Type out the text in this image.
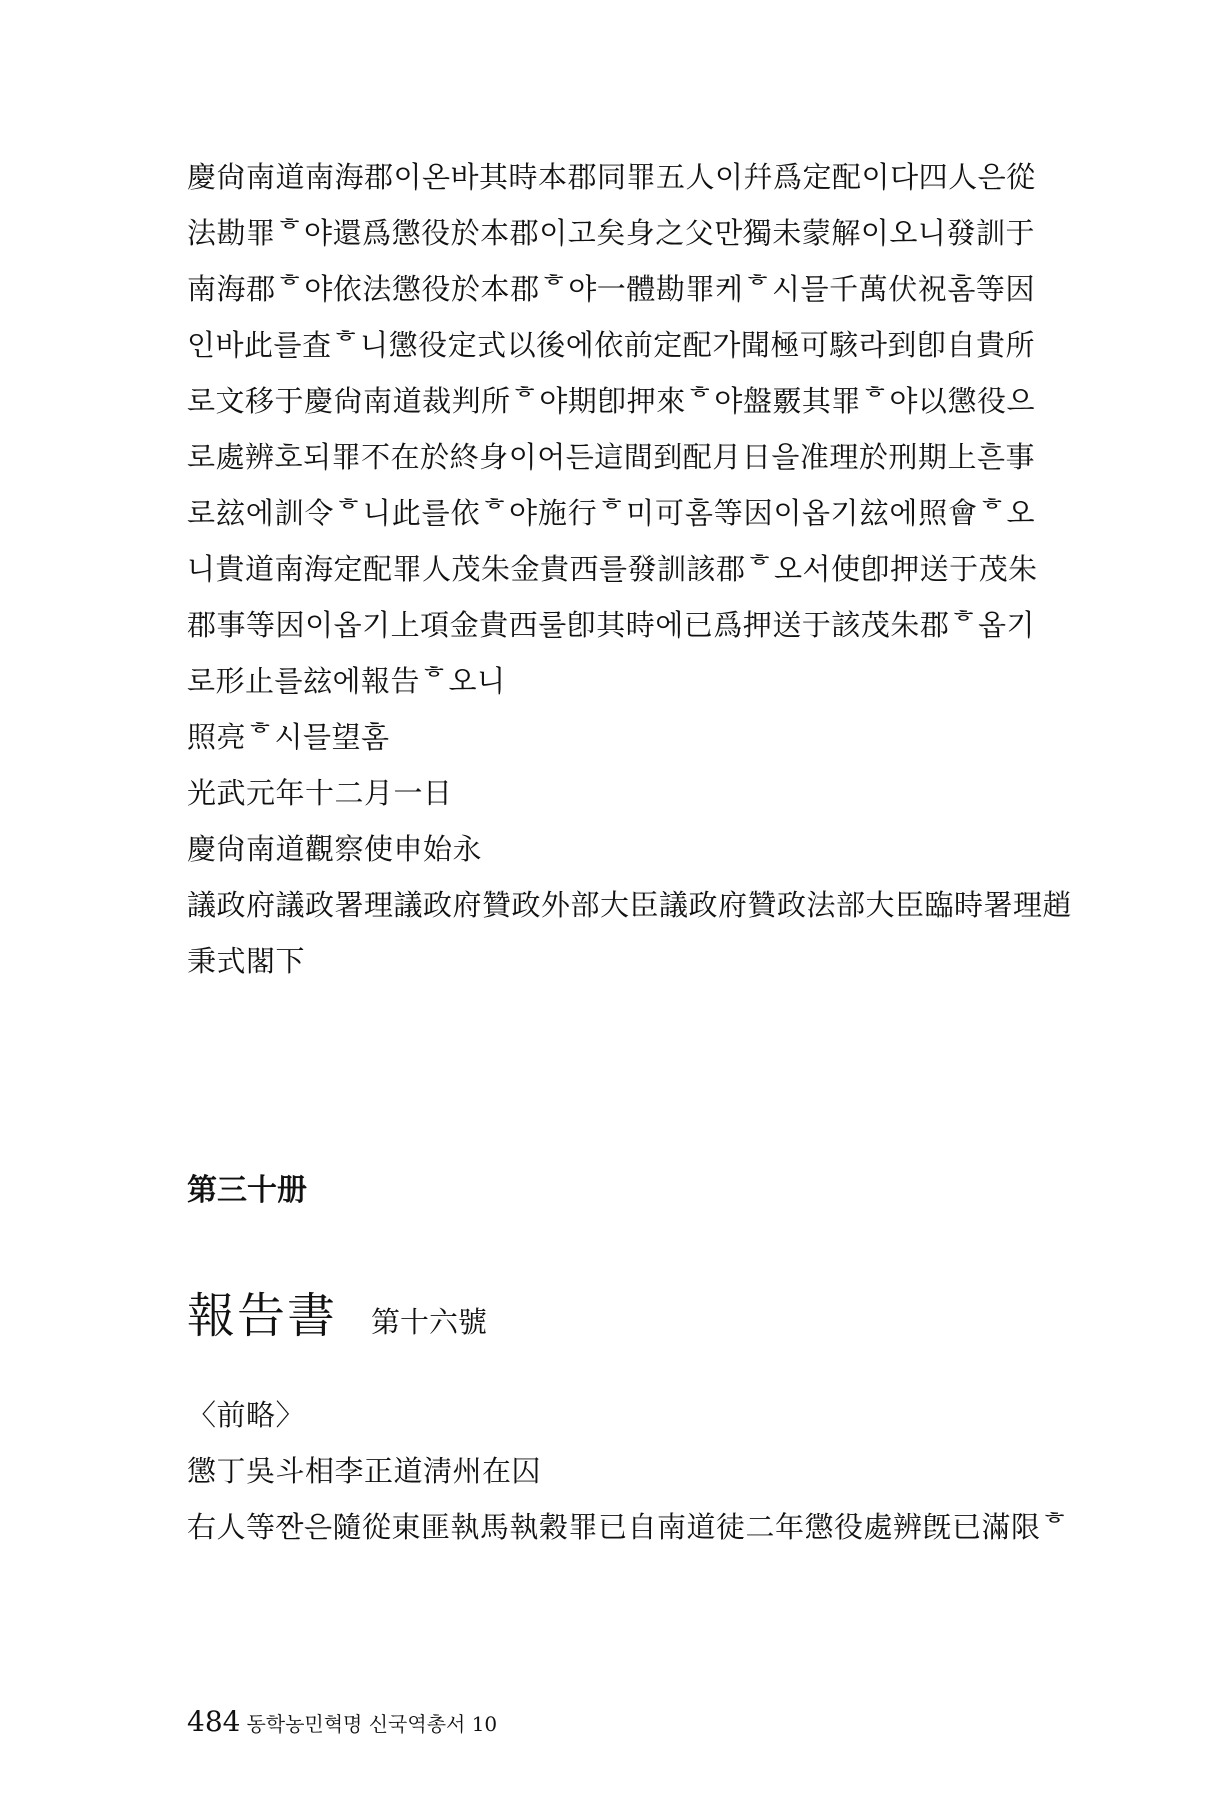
慶尙南道南海郡이온바其時本郡同罪五人이幷爲定配이다四人은從
法勘罪ᄒ야還爲懲役於本郡이고矣身之父만獨未蒙解이오니發訓于
南海郡ᄒ야依法懲役於本郡ᄒ야一體勘罪케ᄒ시믈千萬伏祝홈等因
인바此를査ᄒ니懲役定式以後에依前定配가聞極可駭라到卽自貴所
로文移于慶尙南道裁判所ᄒ야期卽押來ᄒ야盤覈其罪ᄒ야以懲役으
로處辨호되罪不在於終身이어든這間到配月日을准理於刑期上흔事
로玆에訓令ᄒ니此를依ᄒ야施行ᄒ미可홈等因이옵기玆에照會ᄒ오
니貴道南海定配罪人茂朱金貴西를發訓該郡ᄒ오서使卽押送于茂朱
郡事等因이옵기上項金貴西룰卽其時에已爲押送于該茂朱郡ᄒ옵기
로形止를玆에報告ᄒ오니
照亮ᄒ시믈望홈
光武元年十二月一日
慶尙南道觀察使申始永
議政府議政署理議政府贊政外部大臣議政府贊政法部大臣臨時署理趙
秉式閣下
第三十册
報告書 第十六號
〈前略〉
懲丁吳斗相李正道淸州在囚
右人等짠은隨從東匪執馬執穀罪已自南道徒二年懲役處辨旣已滿限ᄒ
484 동학농민혁명 신국역총서 10
